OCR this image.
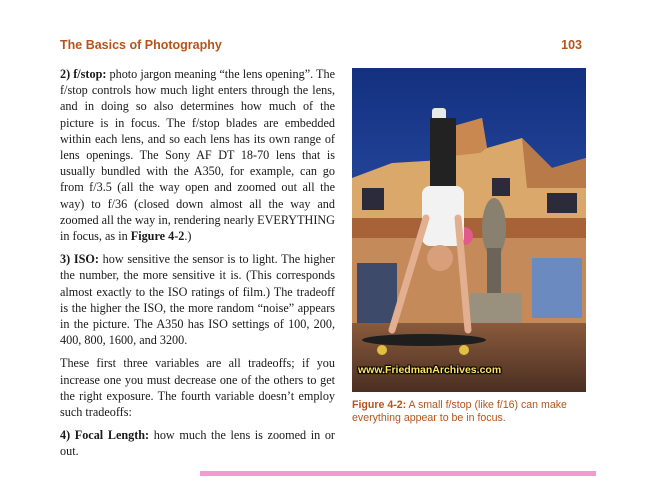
The Basics of Photography	103

2) f/stop: photo jargon meaning “the lens opening”. The f/stop controls how much light enters through the lens, and in doing so also determines how much of the picture is in focus. The f/stop blades are embedded within each lens, and so each lens has its own range of lens openings. The Sony AF DT 18-70 lens that is usually bundled with the A350, for example, can go from f/3.5 (all the way open and zoomed out all the way) to f/36 (closed down almost all the way and zoomed all the way in, rendering nearly EVERYTHING in focus, as in Figure 4-2.)

3) ISO: how sensitive the sensor is to light. The higher the number, the more sensitive it is. (This corresponds almost exactly to the ISO ratings of film.) The tradeoff is the higher the ISO, the more random “noise” appears in the picture. The A350 has ISO settings of 100, 200, 400, 800, 1600, and 3200.

These first three variables are all tradeoffs; if you increase one you must decrease one of the others to get the right exposure. The fourth variable doesn’t employ such tradeoffs:

4) Focal Length: how much the lens is zoomed in or out.

www.FriedmanArchives.com
Figure 4-2: A small f/stop (like f/16) can make everything appear to be in focus.
